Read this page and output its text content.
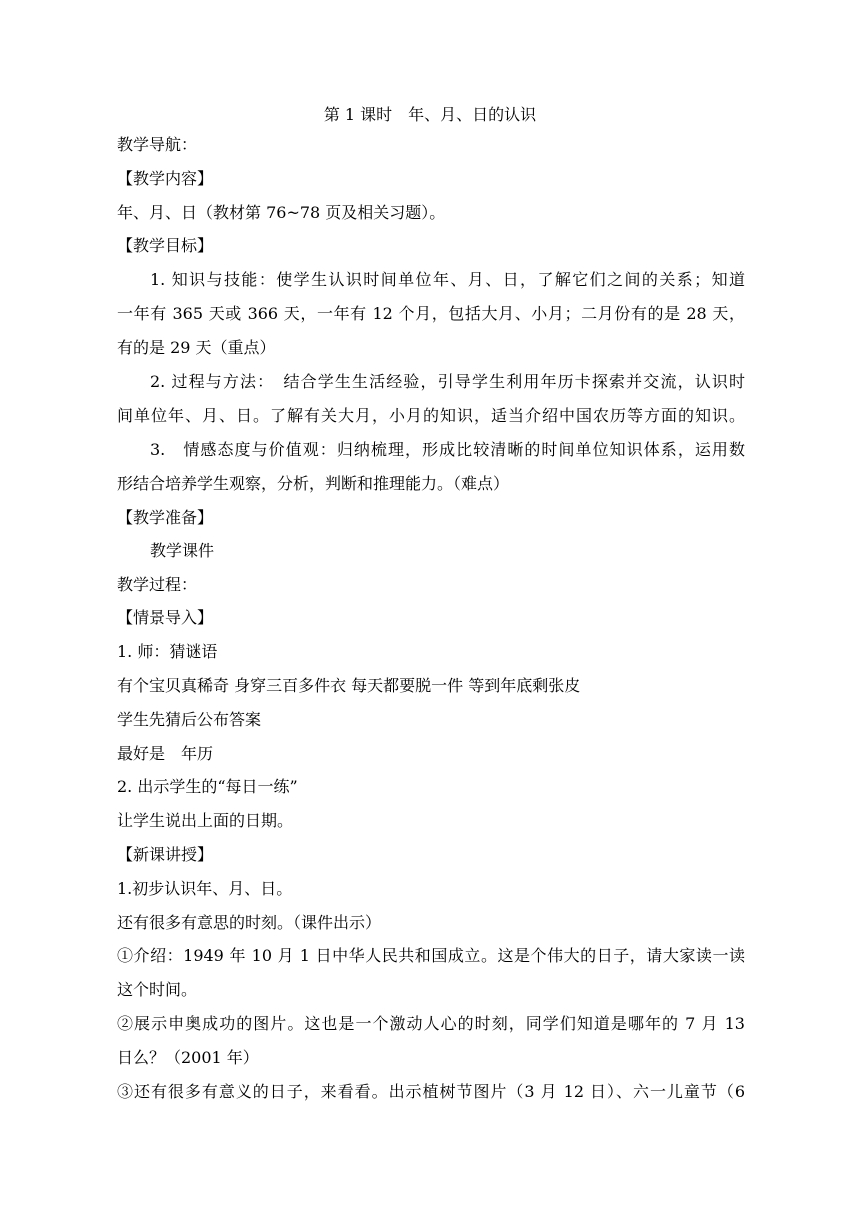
第 1 课时　年、月、日的认识
教学导航：
【教学内容】
年、月、日（教材第 76~78 页及相关习题）。
【教学目标】
1. 知识与技能：使学生认识时间单位年、月、日，了解它们之间的关系；知道
一年有 365 天或 366 天，一年有 12 个月，包括大月、小月；二月份有的是 28 天，
有的是 29 天（重点）
2. 过程与方法：　结合学生生活经验，引导学生利用年历卡探索并交流，认识时
间单位年、月、日。了解有关大月，小月的知识，适当介绍中国农历等方面的知识。
3.　情感态度与价值观：归纳梳理，形成比较清晰的时间单位知识体系，运用数
形结合培养学生观察，分析，判断和推理能力。（难点）
【教学准备】
教学课件
教学过程：
【情景导入】
1. 师：猜谜语
有个宝贝真稀奇 身穿三百多件衣 每天都要脱一件 等到年底剩张皮
学生先猜后公布答案
最好是　年历
2. 出示学生的“每日一练”
让学生说出上面的日期。
【新课讲授】
1.初步认识年、月、日。
还有很多有意思的时刻。（课件出示）
①介绍：1949 年 10 月 1 日中华人民共和国成立。这是个伟大的日子，请大家读一读
这个时间。
②展示申奥成功的图片。这也是一个激动人心的时刻，同学们知道是哪年的 7 月 13
日么？（2001 年）
③还有很多有意义的日子，来看看。出示植树节图片（3 月 12 日）、六一儿童节（6
